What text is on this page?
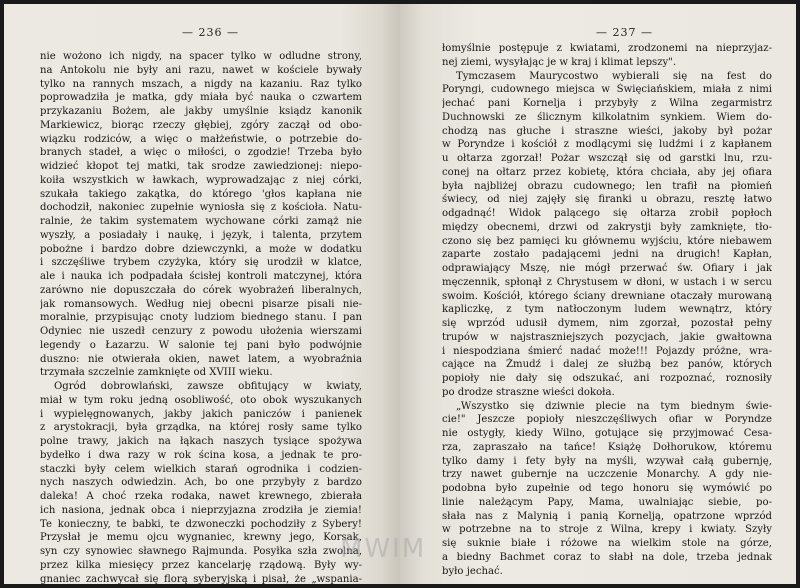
— 236 —
nie wożono ich nigdy, na spacer tylko w odludne strony,
na Antokolu nie były ani razu, nawet w kościele bywały
tylko na rannych mszach, a nigdy na kazaniu. Raz tylko
poprowadziła je matka, gdy miała być nauka o czwartem
przykazaniu Bożem, ale jakby umyślnie ksiądz kanonik
Markiewicz, biorąc rzeczy głębiej, zgóry zaczął od obo-
wiązku rodziców, a więc o małżeństwie, o potrzebie do-
branych stadeł, a więc o miłości, o zgodzie! Trzeba było
widzieć kłopot tej matki, tak srodze zawiedzionej: niepo-
koiła wszystkich w ławkach, wyprowadzając z niej córki,
szukała takiego zakątka, do którego 'głos kapłana nie
dochodził, nakoniec zupełnie wyniosła się z kościoła. Natu-
ralnie, że takim systematem wychowane córki zamąż nie
wyszły, a posiadały i naukę, i język, i talenta, przytem
pobożne i bardzo dobre dziewczynki, a może w dodatku
i szczęśliwe trybem czyżyka, który się urodził w klatce,
ale i nauka ich podpadała ścisłej kontroli matczynej, która
zarówno nie dopuszczała do córek wyobrażeń liberalnych,
jak romansowych. Według niej obecni pisarze pisali nie-
moralnie, przypisując cnoty ludziom biednego stanu. I pan
Odyniec nie uszedł cenzury z powodu ułożenia wierszami
legendy o Łazarzu. W salonie tej pani było podwójnie
duszno: nie otwierała okien, nawet latem, a wyobraźnia
trzymała szczelnie zamknięte od XVIII wieku.
Ogród dobrowlański, zawsze obfitujący w kwiaty,
miał w tym roku jedną osobliwość, oto obok wyszukanych
i wypielęgnowanych, jakby jakich paniczów i panienek
z arystokracji, była grządka, na której rosły same tylko
polne trawy, jakich na łąkach naszych tysiące spożywa
bydełko i dwa razy w rok ścina kosa, a jednak te pro-
staczki były celem wielkich starań ogrodnika i codzien-
nych naszych odwiedzin. Ach, bo one przybyły z bardzo
daleka! A choć rzeka rodaka, nawet krewnego, zbierała
ich nasiona, jednak obca i nieprzyjazna zrodziła je ziemia!
Te konieczny, te babki, te dzwoneczki pochodziły z Sybery!
Przysłał je memu ojcu wygnaniec, krewny jego, Korsak,
syn czy synowiec sławnego Rajmunda. Posyłka szła zwolna,
przez kilka miesięcy przez kancelarję rządową. Były wy-
gnaniec zachwycał się florą syberyjską i pisał, że „wspania-
— 237 —
łomyślnie postępuje z kwiatami, zrodzonemi na nieprzyjaz-
nej ziemi, wysyłając je w kraj i klimat lepszy".
Tymczasem Maurycostwo wybierali się na fest do
Poryngi, cudownego miejsca w Święciańskiem, miała z nimi
jechać pani Kornelja i przybyły z Wilna zegarmistrz
Duchnowski ze ślicznym kilkolatnim synkiem. Wiem do-
chodzą nas głuche i straszne wieści, jakoby był pożar
w Poryndze i kościół z modlącymi się ludźmi i z kapłanem
u ołtarza zgorzał! Pożar wszczął się od garstki lnu, rzu-
conej na ołtarz przez kobietę, która chciała, aby jej ofiara
była najbliżej obrazu cudownego; len trafił na płomień
świecy, od niej zajęły się firanki u obrazu, resztę łatwo
odgadnąć! Widok palącego się ołtarza zrobił popłoch
między obecnemi, drzwi od zakrystji były zamknięte, tło-
czono się bez pamięci ku głównemu wyjściu, które niebawem
zaparte zostało padającemi jedni na drugich! Kapłan,
odprawiający Mszę, nie mógł przerwać św. Ofiary i jak
męczennik, spłonął z Chrystusem w dłoni, w ustach i w sercu
swoim. Kościół, którego ściany drewniane otaczały murowaną
kapliczkę, z tym natłoczonym ludem wewnątrz, który
się wprzód udusił dymem, nim zgorzał, pozostał pełny
trupów w najstraszniejszych pozycjach, jakie gwałtowna
i niespodziana śmierć nadać może!!! Pojazdy próżne, wra-
cające na Żmudź i dalej ze służbą bez panów, których
popioły nie dały się odszukać, ani rozpoznać, roznosiły
po drodze straszne wieści dokoła.
„Wszystko się dziwnie plecie na tym biednym świe-
cie!" Jeszcze popioły nieszczęśliwych ofiar w Poryndze
nie ostygły, kiedy Wilno, gotujące się przyjmować Cesa-
rza, zapraszało na tańce! Książę Dołhorukow, któremu
tylko damy i fety były na myśli, wzywał całą gubernję,
trzy nawet gubernje na uczczenie Monarchy. A gdy nie-
podobna było zupełnie od tego honoru się wymówić po
linie należącym Papy, Mama, uwalniając siebie, po-
słała nas z Malynią i panią Kornelją, opatrzone wprzód
w potrzebne na to stroje z Wilna, krepy i kwiaty. Szyły
się suknie białe i różowe na wielkim stole na górze,
a biedny Bachmet coraz to słabł na dole, trzeba jednak
było jechać.
MWIM
